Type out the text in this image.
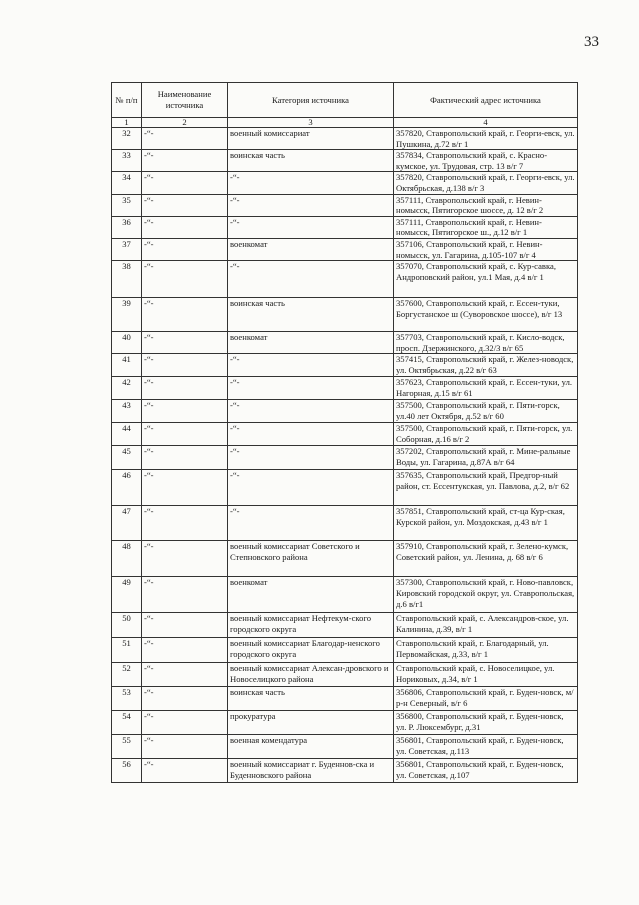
33
№ п/п	Наименование источника	Категория источника	Фактический адрес источника
1	2	3	4
32	-“-	военный комиссариат	357820, Ставропольский край, г. Георги-евск, ул. Пушкина, д.72 в/г 1
33	-“-	воинская часть	357834, Ставропольский край, с. Красно-кумское, ул. Трудовая, стр. 13 в/г 7
34	-“-	-“-	357820, Ставропольский край, г. Георги-евск, ул. Октябрьская, д.138 в/г 3
35	-“-	-“-	357111, Ставропольский край, г. Невин-номысск, Пятигорское шоссе, д. 12 в/г 2
36	-“-	-“-	357111, Ставропольский край, г. Невин-номысск, Пятигорское ш., д.12 в/г 1
37	-“-	военкомат	357106, Ставропольский край, г. Невин-номысск, ул. Гагарина, д.105-107 в/г 4
38	-“-	-“-	357070, Ставропольский край, с. Кур-савка, Андроповский район, ул.1 Мая, д.4 в/г 1
39	-“-	воинская часть	357600, Ставропольский край, г. Ессен-туки, Боргустанское ш (Суворовское шоссе), в/г 13
40	-“-	военкомат	357703, Ставропольский край, г. Кисло-водск, просп. Дзержинского, д.32/3 в/г 65
41	-“-	-“-	357415, Ставропольский край, г. Желез-новодск, ул. Октябрьская, д.22 в/г 63
42	-“-	-“-	357623, Ставропольский край, г. Ессен-туки, ул. Нагорная, д.15 в/г 61
43	-“-	-“-	357500, Ставропольский край, г. Пяти-горск, ул.40 лет Октября, д.52 в/г 60
44	-“-	-“-	357500, Ставропольский край, г. Пяти-горск, ул. Соборная, д.16 в/г 2
45	-“-	-“-	357202, Ставропольский край, г. Мине-ральные Воды, ул. Гагарина, д.87А в/г 64
46	-“-	-“-	357635, Ставропольский край, Предгор-ный район, ст. Ессентукская, ул. Павлова, д.2, в/г 62
47	-“-	-“-	357851, Ставропольский край, ст-ца Кур-ская, Курской район, ул. Моздокская, д.43 в/г 1
48	-“-	военный комиссариат Советского и Степновского района	357910, Ставропольский край, г. Зелено-кумск, Советский район, ул. Ленина, д. 68 в/г 6
49	-“-	военкомат	357300, Ставропольский край, г. Ново-павловск, Кировский городской округ, ул. Ставропольская, д.6 в/г1
50	-“-	военный комиссариат Нефтекум-ского городского округа	Ставропольский край, с. Александров-ское, ул. Калинина, д.39, в/г 1
51	-“-	военный комиссариат Благодар-ненского городского округа	Ставропольский край, г. Благодарный, ул. Первомайская, д.33, в/г 1
52	-“-	военный комиссариат Алексан-дровского и Новоселицкого района	Ставропольский край, с. Новоселицкое, ул. Нориковых, д.34, в/г 1
53	-“-	воинская часть	356806, Ставропольский край, г. Буден-новск, м/р-н Северный, в/г 6
54	-“-	прокуратура	356800, Ставропольский край, г. Буден-новск, ул. Р. Люксембург, д.31
55	-“-	военная комендатура	356801, Ставропольский край, г. Буден-новск, ул. Советская, д.113
56	-“-	военный комиссариат г. Буденнов-ска и Буденновского района	356801, Ставропольский край, г. Буден-новск, ул. Советская, д.107
